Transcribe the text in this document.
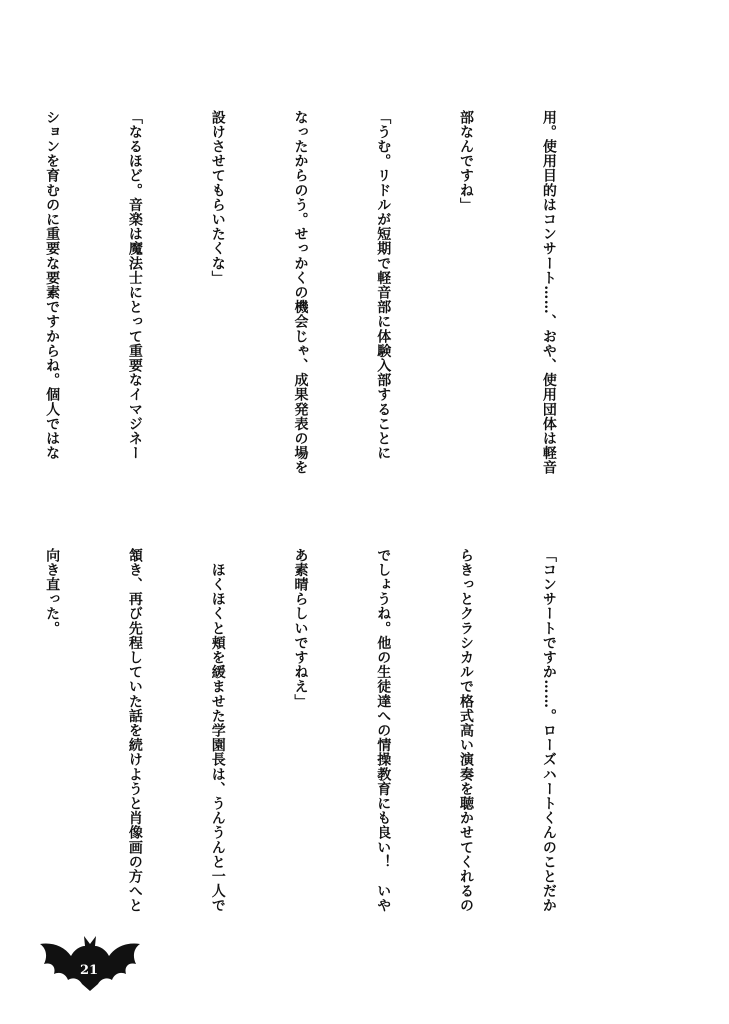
用。使用目的はコンサート……、おや、使用団体は軽音

部なんですね」

「うむ。リドルが短期で軽音部に体験入部することに

なったからのう。せっかくの機会じゃ、成果発表の場を

設けさせてもらいたくな」

「なるほど。音楽は魔法士にとって重要なイマジネー

ションを育むのに重要な要素ですからね。個人ではな

「コンサートですか……。ローズハートくんのことだか

らきっとクラシカルで格式高い演奏を聴かせてくれるの

でしょうね。他の生徒達への情操教育にも良い！　いや

あ素晴らしいですねえ」

　ほくほくと頬を緩ませた学園長は、うんうんと一人で

頷き、再び先程していた話を続けようと肖像画の方へと

向き直った。

21
